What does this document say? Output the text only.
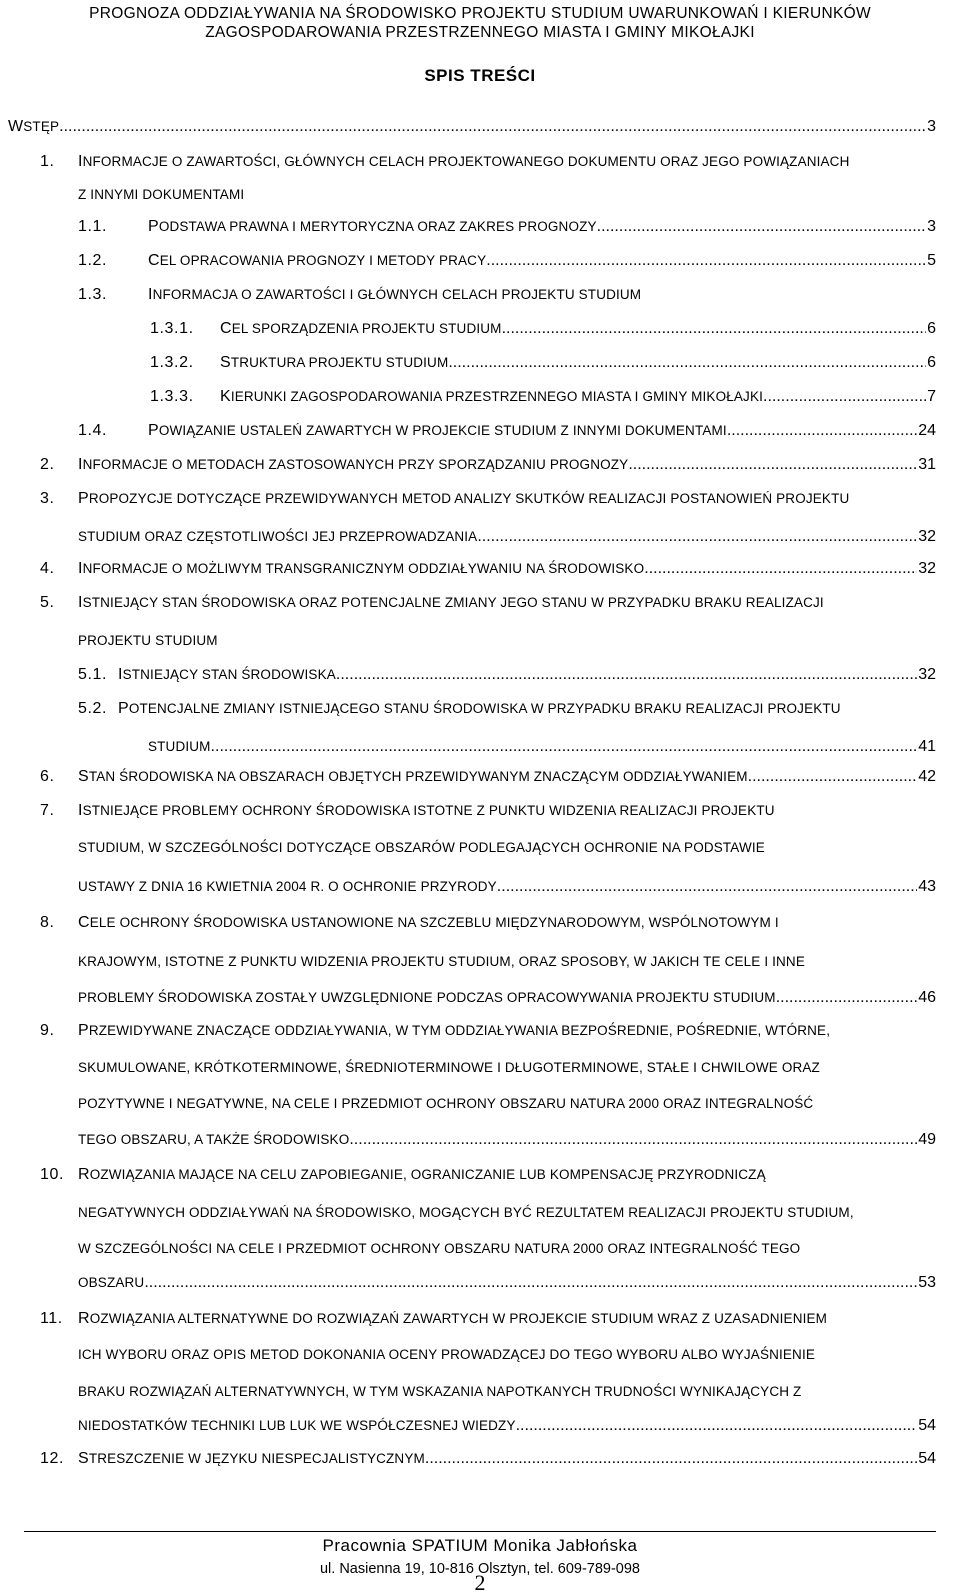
PROGNOZA ODDZIAŁYWANIA NA ŚRODOWISKO PROJEKTU STUDIUM UWARUNKOWAŃ I KIERUNKÓW
ZAGOSPODAROWANIA PRZESTRZENNEGO MIASTA I GMINY MIKOŁAJKI
SPIS TREŚCI
WSTĘP	..... 3
1. INFORMACJE O ZAWARTOŚCI, GŁÓWNYCH CELACH PROJEKTOWANEGO DOKUMENTU ORAZ JEGO POWIĄZANIACH
Z INNYMI DOKUMENTAMI
1.1.	PODSTAWA PRAWNA I MERYTORYCZNA ORAZ ZAKRES PROGNOZY	..... 3
1.2.	CEL OPRACOWANIA PROGNOZY I METODY PRACY	..... 5
1.3.	INFORMACJA O ZAWARTOŚCI I GŁÓWNYCH CELACH PROJEKTU STUDIUM
1.3.1. CEL SPORZĄDZENIA PROJEKTU STUDIUM	..... 6
1.3.2. STRUKTURA PROJEKTU STUDIUM	..... 6
1.3.3. KIERUNKI ZAGOSPODAROWANIA PRZESTRZENNEGO MIASTA I GMINY MIKOŁAJKI	..... 7
1.4.	POWIĄZANIE USTALEŃ ZAWARTYCH W PROJEKCIE STUDIUM Z INNYMI DOKUMENTAMI	..... 24
2. INFORMACJE O METODACH ZASTOSOWANYCH PRZY SPORZĄDZANIU PROGNOZY	..... 31
3. PROPOZYCJE DOTYCZĄCE PRZEWIDYWANYCH METOD ANALIZY SKUTKÓW REALIZACJI POSTANOWIEŃ PROJEKTU
STUDIUM ORAZ CZĘSTOTLIWOŚCI JEJ PRZEPROWADZANIA	..... 32
4. INFORMACJE O MOŻLIWYM TRANSGRANICZNYM ODDZIAŁYWANIU NA ŚRODOWISKO	..... 32
5. ISTNIEJĄCY STAN ŚRODOWISKA ORAZ POTENCJALNE ZMIANY JEGO STANU W PRZYPADKU BRAKU REALIZACJI
PROJEKTU STUDIUM
5.1. ISTNIEJĄCY STAN ŚRODOWISKA	..... 32
5.2. POTENCJALNE ZMIANY ISTNIEJĄCEGO STANU ŚRODOWISKA W PRZYPADKU BRAKU REALIZACJI PROJEKTU
STUDIUM	..... 41
6. STAN ŚRODOWISKA NA OBSZARACH OBJĘTYCH PRZEWIDYWANYM ZNACZĄCYM ODDZIAŁYWANIEM	..... 42
7. ISTNIEJĄCE PROBLEMY OCHRONY ŚRODOWISKA ISTOTNE Z PUNKTU WIDZENIA REALIZACJI PROJEKTU
STUDIUM, W SZCZEGÓLNOŚCI DOTYCZĄCE OBSZARÓW PODLEGAJĄCYCH OCHRONIE NA PODSTAWIE
USTAWY Z DNIA 16 KWIETNIA 2004 R. O OCHRONIE PRZYRODY	..... 43
8. CELE OCHRONY ŚRODOWISKA USTANOWIONE NA SZCZEBLU MIĘDZYNARODOWYM, WSPÓLNOTOWYM I
KRAJOWYM, ISTOTNE Z PUNKTU WIDZENIA PROJEKTU STUDIUM, ORAZ SPOSOBY, W JAKICH TE CELE I INNE
PROBLEMY ŚRODOWISKA ZOSTAŁY UWZGLĘDNIONE PODCZAS OPRACOWYWANIA PROJEKTU STUDIUM	..... 46
9. PRZEWIDYWANE ZNACZĄCE ODDZIAŁYWANIA, W TYM ODDZIAŁYWANIA BEZPOŚREDNIE, POŚREDNIE, WTÓRNE,
SKUMULOWANE, KRÓTKOTERMINOWE, ŚREDNIOTERMINOWE I DŁUGOTERMINOWE, STAŁE I CHWILOWE ORAZ
POZYTYWNE I NEGATYWNE, NA CELE I PRZEDMIOT OCHRONY OBSZARU NATURA 2000 ORAZ INTEGRALNOŚĆ
TEGO OBSZARU, A TAKŻE ŚRODOWISKO	..... 49
10. ROZWIĄZANIA MAJĄCE NA CELU ZAPOBIEGANIE, OGRANICZANIE LUB KOMPENSACJĘ PRZYRODNICZĄ
NEGATYWNYCH ODDZIAŁYWAŃ NA ŚRODOWISKO, MOGĄCYCH BYĆ REZULTATEM REALIZACJI PROJEKTU STUDIUM,
W SZCZEGÓLNOŚCI NA CELE I PRZEDMIOT OCHRONY OBSZARU NATURA 2000 ORAZ INTEGRALNOŚĆ TEGO
OBSZARU	..... 53
11. ROZWIĄZANIA ALTERNATYWNE DO ROZWIĄZAŃ ZAWARTYCH W PROJEKCIE STUDIUM WRAZ Z UZASADNIENIEM
ICH WYBORU ORAZ OPIS METOD DOKONANIA OCENY PROWADZĄCEJ DO TEGO WYBORU ALBO WYJAŚNIENIE
BRAKU ROZWIĄZAŃ ALTERNATYWNYCH, W TYM WSKAZANIA NAPOTKANYCH TRUDNOŚCI WYNIKAJĄCYCH Z
NIEDOSTATKÓW TECHNIKI LUB LUK WE WSPÓŁCZESNEJ WIEDZY	..... 54
12. STRESZCZENIE W JĘZYKU NIESPECJALISTYCZNYM	..... 54
Pracownia SPATIUM Monika Jabłońska
ul. Nasienna 19, 10-816 Olsztyn, tel. 609-789-098
2
